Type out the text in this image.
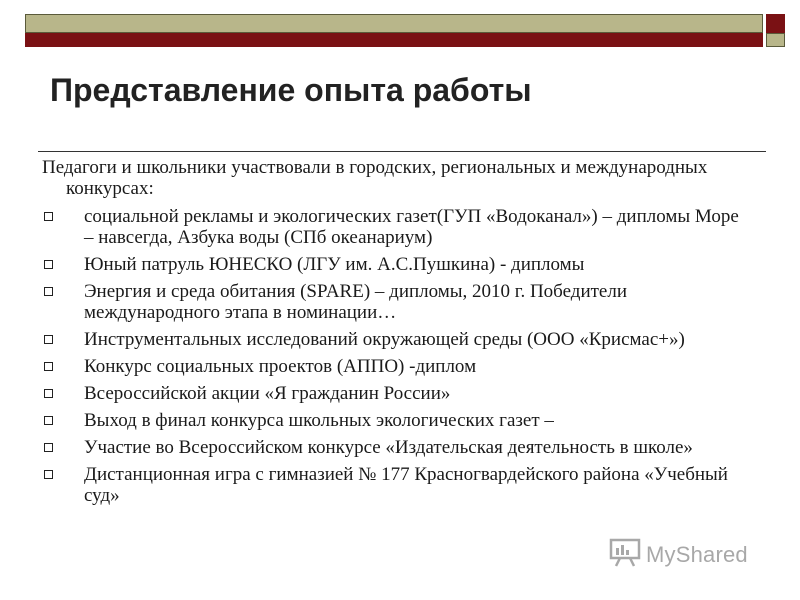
Представление опыта работы
Педагоги и школьники участвовали в городских, региональных и международных конкурсах:
социальной рекламы и экологических газет(ГУП «Водоканал») – дипломы Море – навсегда, Азбука воды (СПб океанариум)
Юный патруль ЮНЕСКО (ЛГУ им. А.С.Пушкина) - дипломы
Энергия и среда обитания (SPARE) – дипломы, 2010 г. Победители международного этапа в номинации…
Инструментальных исследований окружающей среды (ООО «Крисмас+»)
Конкурс социальных проектов (АППО) -диплом
Всероссийской акции «Я гражданин России»
Выход в финал конкурса школьных экологических газет –
Участие во Всероссийском конкурсе «Издательская деятельность в школе»
Дистанционная игра с гимназией № 177 Красногвардейского района «Учебный суд»
MyShared
